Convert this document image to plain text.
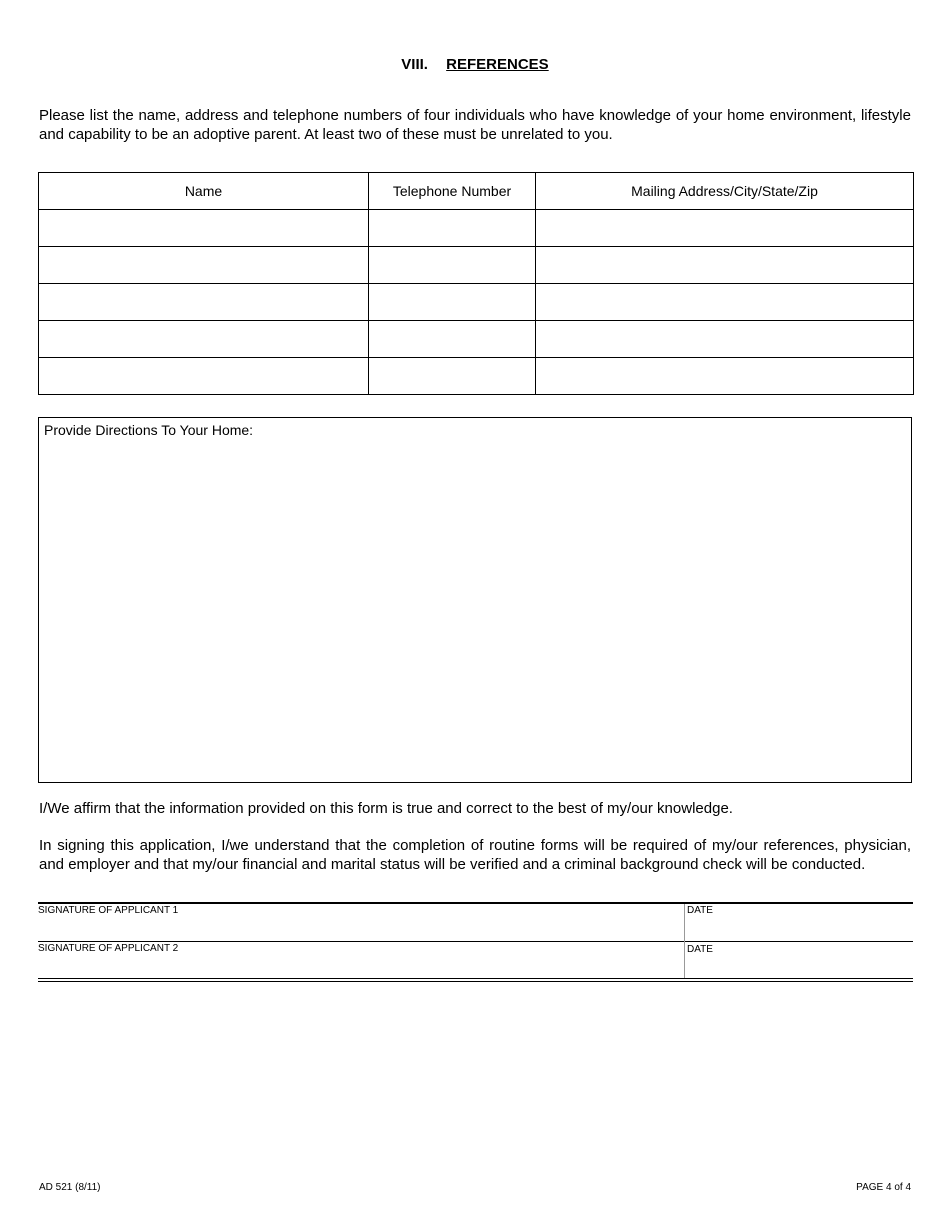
VIII. REFERENCES

Please list the name, address and telephone numbers of four individuals who have knowledge of your home environment, lifestyle and capability to be an adoptive parent. At least two of these must be unrelated to you.

Name	Telephone Number	Mailing Address/City/State/Zip

Provide Directions To Your Home:

I/We affirm that the information provided on this form is true and correct to the best of my/our knowledge.

In signing this application, I/we understand that the completion of routine forms will be required of my/our references, physician, and employer and that my/our financial and marital status will be verified and a criminal background check will be conducted.

SIGNATURE OF APPLICANT 1	DATE
SIGNATURE OF APPLICANT 2	DATE
AD 521 (8/11)	PAGE 4 of 4
